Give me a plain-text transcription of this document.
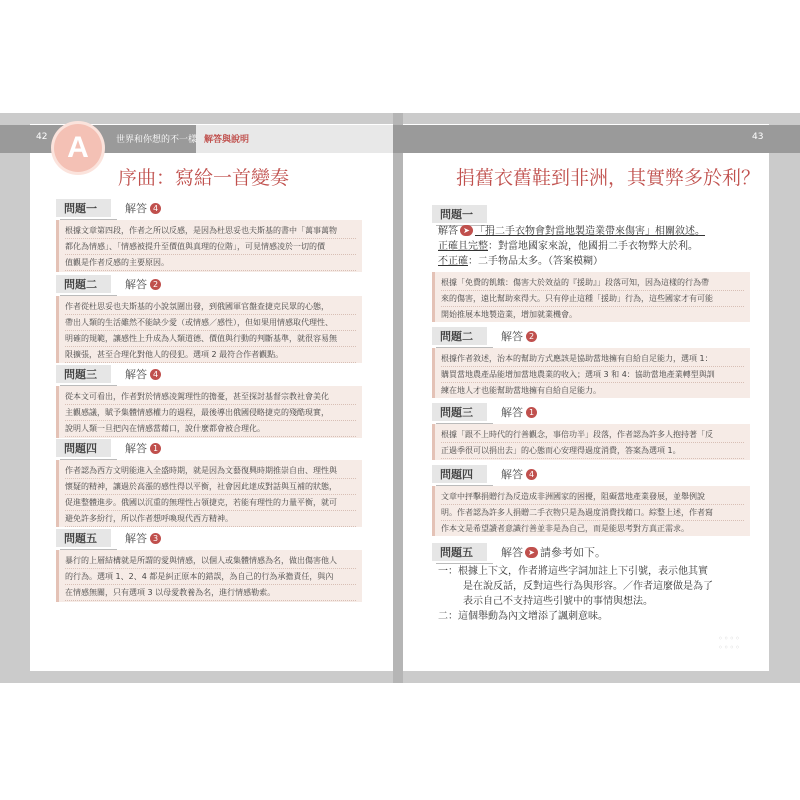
42	43
A	世界和你想的不一樣 解答與說明
序曲：寫給一首變奏
問題一	解答 4
根據文章第四段，作者之所以反感，是因為杜思妥也夫斯基的書中「萬事萬物
都化為情感」、「情感被提升至價值與真理的位階」，可見情感凌於一切的價
值觀是作者反感的主要原因。
問題二	解答 2
作者從杜思妥也夫斯基的小說氛圍出發，到俄國軍官盤查捷克民眾的心態，
帶出人類的生活雖然不能缺少愛（或情感／感性），但如果用情感取代理性、
明確的規範，讓感性上升成為人類道德、價值與行動的判斷基準，就很容易無
限擴張，甚至合理化對他人的侵犯。選項 2 最符合作者觀點。
問題三	解答 4
從本文可看出，作者對於情感凌駕理性的擔憂，甚至探討基督宗教社會美化
主觀感議，賦予集體情感權力的過程，最後導出俄國侵略捷克的殘酷現實，
說明人類一旦把內在情感當藉口，說什麼都會被合理化。
問題四	解答 1
作者認為西方文明能進入全盛時期，就是因為文藝復興時期推崇自由、理性與
懷疑的精神，讓過於高漲的感性得以平衡，社會因此達成對話與互補的狀態，
促進整體進步。俄國以沉重的無理性占領捷克，若能有理性的力量平衡，就可
避免許多紛行，所以作者想呼喚現代西方精神。
問題五	解答 3
暴行的上層結構就是所謂的愛與情感，以個人或集體情感為名，做出傷害他人
的行為。選項 1、2、4 都是糾正原本的錯誤，為自己的行為承擔責任，與內
在情感無關，只有選項 3 以母愛教養為名，進行情感勒索。
捐舊衣舊鞋到非洲，其實弊多於利？
問題一
解答 ➤ 「捐二手衣物會對當地製造業帶來傷害」相關敘述。
正確且完整：對當地國家來說，他國捐二手衣物弊大於利。
不正確：二手物品太多。（答案模糊）
根據「免費的飢餓：傷害大於效益的『援助』」段落可知，因為這樣的行為帶
來的傷害，遠比幫助來得大。只有停止這種「援助」行為，這些國家才有可能
開始推展本地製造業，增加就業機會。
問題二	解答 2
根據作者敘述，治本的幫助方式應該是協助當地擁有自給自足能力，選項 1：
購買當地農產品能增加當地農業的收入；選項 3 和 4：協助當地產業轉型與訓
練在地人才也能幫助當地擁有自給自足能力。
問題三	解答 1
根據「跟不上時代的行善觀念，事倍功半」段落，作者認為許多人抱持著「反
正過季很可以捐出去」的心態而心安理得過度消費，答案為選項 1。
問題四	解答 4
文章中抨擊捐贈行為反造成非洲國家的困擾，阻礙當地產業發展，並舉例說
明。作者認為許多人捐贈二手衣物只是為過度消費找藉口。綜整上述，作者寫
作本文是希望讀者意識行善並非是為自己，而是能思考對方真正需求。
問題五	解答 ➤ 請參考如下。
一：根據上下文，作者將這些字詞加註上下引號，表示他其實
是在說反話，反對這些行為與形容。／作者這麼做是為了
表示自己不支持這些引號中的事情與想法。
二：這個舉動為內文增添了諷刺意味。
◦◦◦◦
◦◦◦◦
